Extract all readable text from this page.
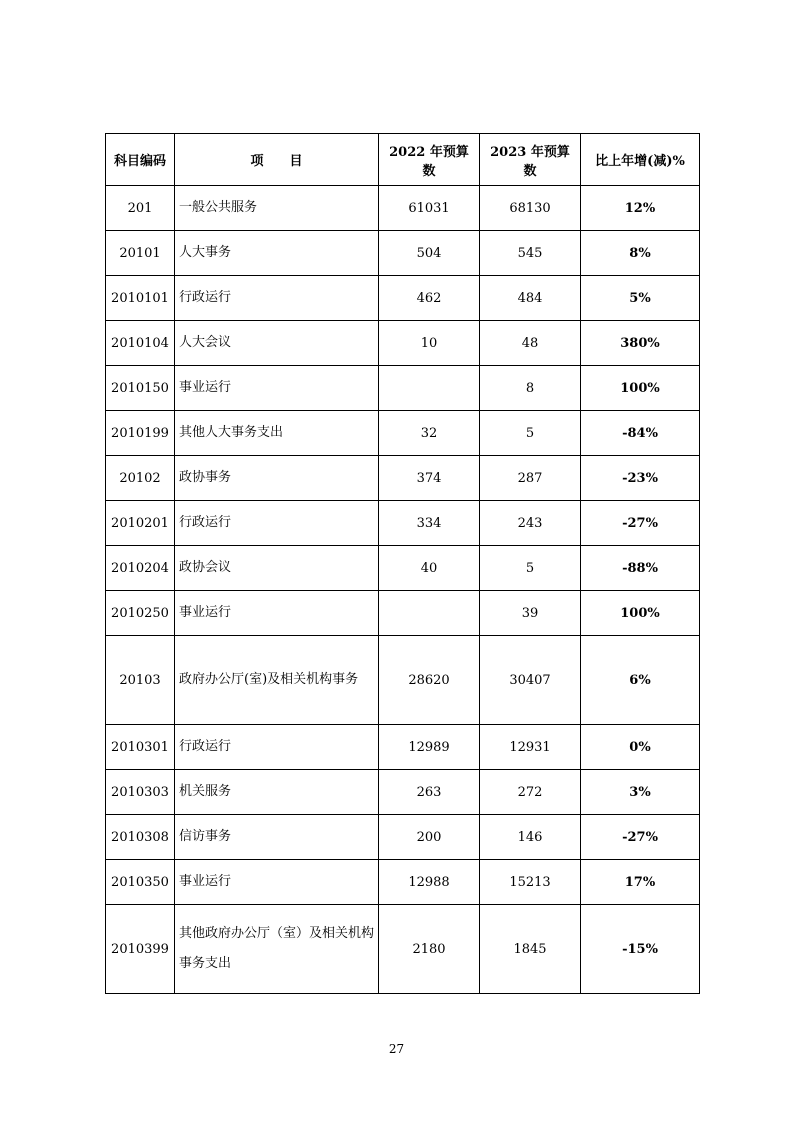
科目编码	项　　目	2022 年预算数	2023 年预算数	比上年增(减)%
201	一般公共服务	61031	68130	12%
20101	人大事务	504	545	8%
2010101	行政运行	462	484	5%
2010104	人大会议	10	48	380%
2010150	事业运行		8	100%
2010199	其他人大事务支出	32	5	-84%
20102	政协事务	374	287	-23%
2010201	行政运行	334	243	-27%
2010204	政协会议	40	5	-88%
2010250	事业运行		39	100%
20103	政府办公厅(室)及相关机构事务	28620	30407	6%
2010301	行政运行	12989	12931	0%
2010303	机关服务	263	272	3%
2010308	信访事务	200	146	-27%
2010350	事业运行	12988	15213	17%
2010399	其他政府办公厅（室）及相关机构事务支出	2180	1845	-15%
27
